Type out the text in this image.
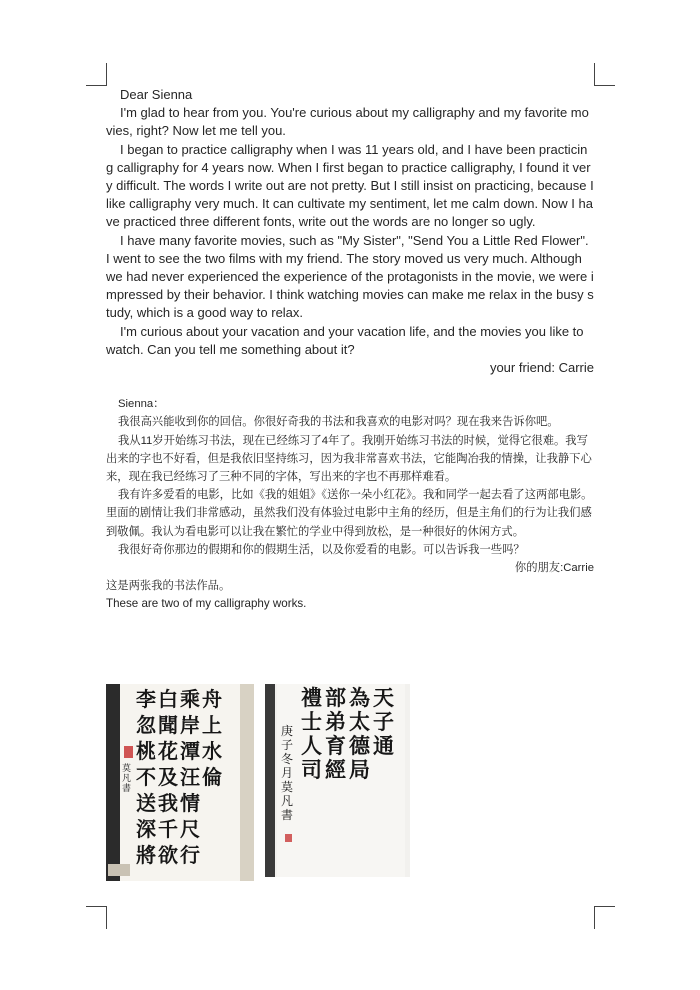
Dear Sienna

I'm glad to hear from you. You're curious about my calligraphy and my favorite movies, right? Now let me tell you.

I began to practice calligraphy when I was 11 years old, and I have been practicing calligraphy for 4 years now. When I first began to practice calligraphy, I found it very difficult. The words I write out are not pretty. But I still insist on practicing, because I like calligraphy very much. It can cultivate my sentiment, let me calm down. Now I have practiced three different fonts, write out the words are no longer so ugly.

I have many favorite movies, such as "My Sister", "Send You a Little Red Flower". I went to see the two films with my friend. The story moved us very much. Although we had never experienced the experience of the protagonists in the movie, we were impressed by their behavior. I think watching movies can make me relax in the busy study, which is a good way to relax.

I'm curious about your vacation and your vacation life, and the movies you like to watch. Can you tell me something about it?

your friend: Carrie

Sienna：

我很高兴能收到你的回信。你很好奇我的书法和我喜欢的电影对吗？现在我来告诉你吧。

我从11岁开始练习书法，现在已经练习了4年了。我刚开始练习书法的时候，觉得它很难。我写出来的字也不好看，但是我依旧坚持练习，因为我非常喜欢书法，它能陶冶我的情操，让我静下心来，现在我已经练习了三种不同的字体，写出来的字也不再那样难看。

我有许多爱看的电影，比如《我的姐姐》《送你一朵小红花》。我和同学一起去看了这两部电影。里面的剧情让我们非常感动，虽然我们没有体验过电影中主角的经历，但是主角们的行为让我们感到敬佩。我认为看电影可以让我在繁忙的学业中得到放松，是一种很好的休闲方式。

我很好奇你那边的假期和你的假期生活，以及你爱看的电影。可以告诉我一些吗？

你的朋友:Carrie

这是两张我的书法作品。
These are two of my calligraphy works.
李白乘舟
忽聞岸上
桃花潭水
不及汪倫
送我情
深千尺
將欲行
莫凡書
禮部為天
士弟太子
人育德通
司經局
庚子冬月莫凡書
